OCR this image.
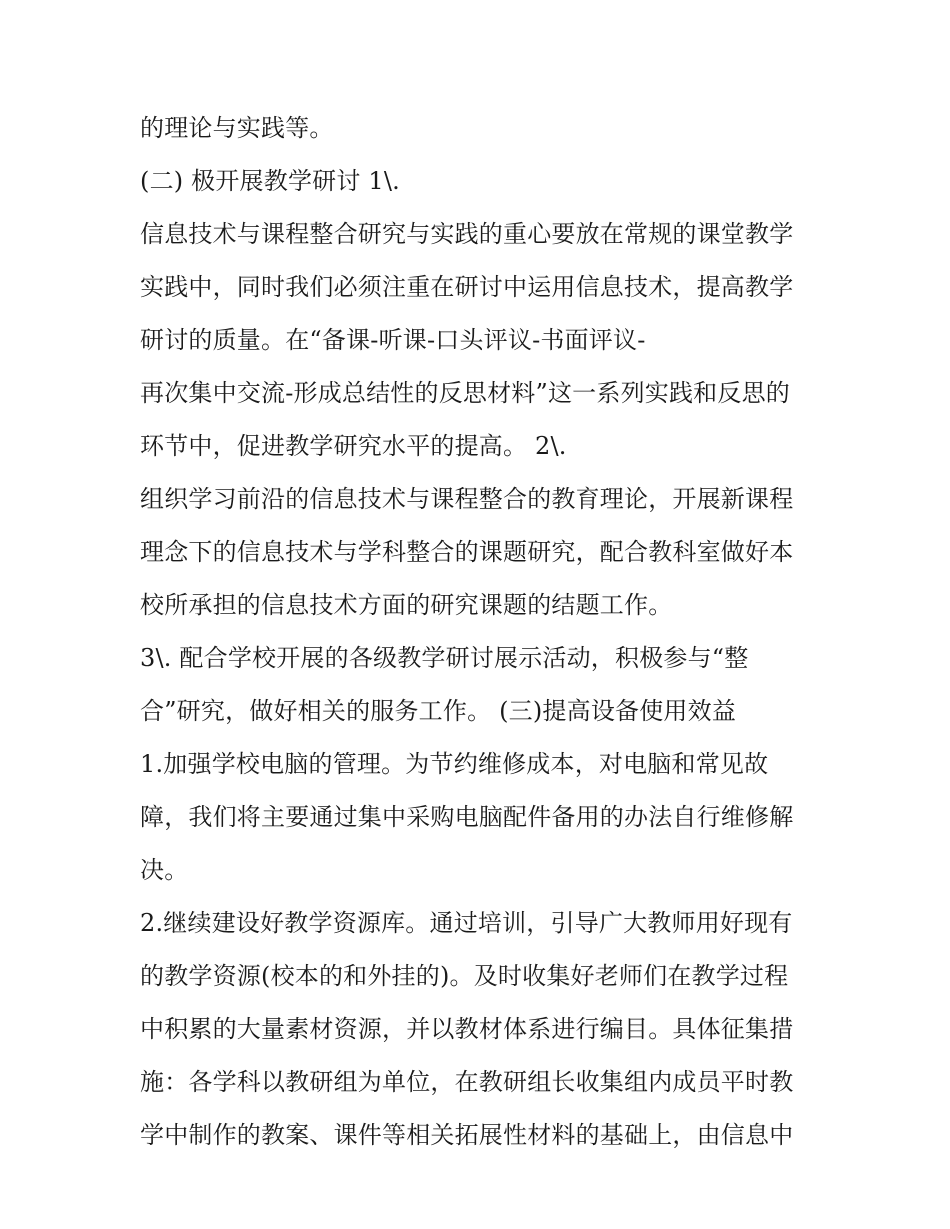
的理论与实践等。
(二) 极开展教学研讨 1\.
信息技术与课程整合研究与实践的重心要放在常规的课堂教学
实践中，同时我们必须注重在研讨中运用信息技术，提高教学
研讨的质量。在“备课-听课-口头评议-书面评议-
再次集中交流-形成总结性的反思材料”这一系列实践和反思的
环节中，促进教学研究水平的提高。 2\.
组织学习前沿的信息技术与课程整合的教育理论，开展新课程
理念下的信息技术与学科整合的课题研究，配合教科室做好本
校所承担的信息技术方面的研究课题的结题工作。
3\. 配合学校开展的各级教学研讨展示活动，积极参与“整
合”研究，做好相关的服务工作。 (三)提高设备使用效益
1.加强学校电脑的管理。为节约维修成本，对电脑和常见故
障，我们将主要通过集中采购电脑配件备用的办法自行维修解
决。
2.继续建设好教学资源库。通过培训，引导广大教师用好现有
的教学资源(校本的和外挂的)。及时收集好老师们在教学过程
中积累的大量素材资源，并以教材体系进行编目。具体征集措
施：各学科以教研组为单位，在教研组长收集组内成员平时教
学中制作的教案、课件等相关拓展性材料的基础上，由信息中
